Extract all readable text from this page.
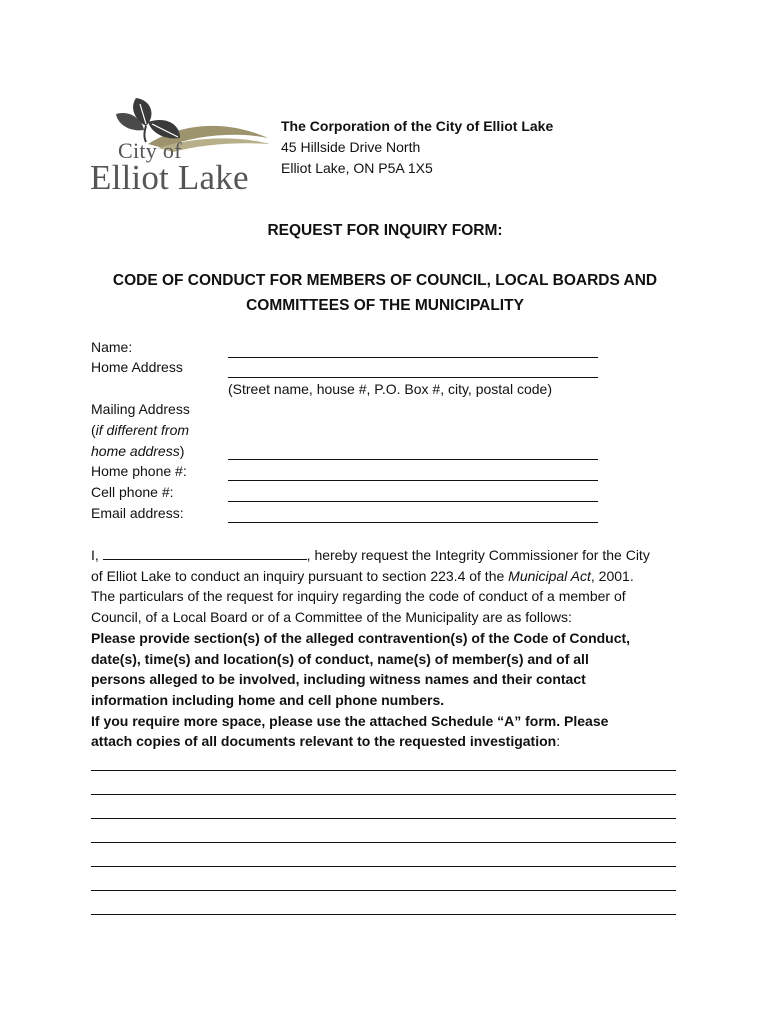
City of
Elliot Lake
The Corporation of the City of Elliot Lake
45 Hillside Drive North
Elliot Lake, ON P5A 1X5
REQUEST FOR INQUIRY FORM:
CODE OF CONDUCT FOR MEMBERS OF COUNCIL, LOCAL BOARDS AND
COMMITTEES OF THE MUNICIPALITY
Name:
Home Address
(Street name, house #, P.O. Box #, city, postal code)
Mailing Address
(if different from
home address)
Home phone #:
Cell phone #:
Email address:
I,	, hereby request the Integrity Commissioner for the City
of Elliot Lake to conduct an inquiry pursuant to section 223.4 of the Municipal Act, 2001.
The particulars of the request for inquiry regarding the code of conduct of a member of
Council, of a Local Board or of a Committee of the Municipality are as follows:
Please provide section(s) of the alleged contravention(s) of the Code of Conduct,
date(s), time(s) and location(s) of conduct, name(s) of member(s) and of all
persons alleged to be involved, including witness names and their contact
information including home and cell phone numbers.
If you require more space, please use the attached Schedule “A” form. Please
attach copies of all documents relevant to the requested investigation:
